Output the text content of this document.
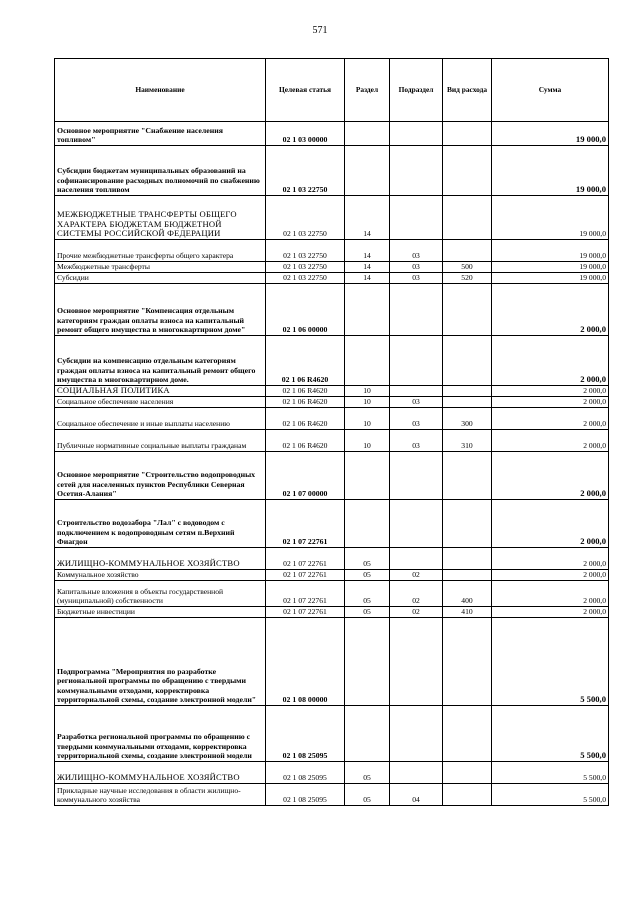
571
Наименование	Целевая статья	Раздел	Подраздел	Вид расхода	Сумма
Основное мероприятие "Снабжение населения топливом"	02 1 03 00000				19 000,0
Субсидии бюджетам муниципальных образований на софинансирование расходных полномочий по снабжению населения топливом	02 1 03 22750				19 000,0
МЕЖБЮДЖЕТНЫЕ ТРАНСФЕРТЫ ОБЩЕГО ХАРАКТЕРА БЮДЖЕТАМ БЮДЖЕТНОЙ СИСТЕМЫ РОССИЙСКОЙ ФЕДЕРАЦИИ	02 1 03 22750	14			19 000,0
Прочие межбюджетные трансферты общего характера	02 1 03 22750	14	03		19 000,0
Межбюджетные трансферты	02 1 03 22750	14	03	500	19 000,0
Субсидии	02 1 03 22750	14	03	520	19 000,0
Основное мероприятие "Компенсация отдельным категориям граждан оплаты взноса на капитальный ремонт общего имущества в многоквартирном доме"	02 1 06 00000				2 000,0
Субсидии на компенсацию отдельным категориям граждан оплаты взноса на капитальный ремонт общего имущества в многоквартирном доме.	02 1 06 R4620				2 000,0
СОЦИАЛЬНАЯ ПОЛИТИКА	02 1 06 R4620	10			2 000,0
Социальное обеспечение населения	02 1 06 R4620	10	03		2 000,0
Социальное обеспечение и иные выплаты населению	02 1 06 R4620	10	03	300	2 000,0
Публичные нормативные социальные выплаты гражданам	02 1 06 R4620	10	03	310	2 000,0
Основное мероприятие "Строительство водопроводных сетей для населенных пунктов Республики Северная Осетия-Алания"	02 1 07 00000				2 000,0
Строительство водозабора "Лал" с водоводом с подключением к водопроводным сетям п.Верхний Фиагдон	02 1 07 22761				2 000,0
ЖИЛИЩНО-КОММУНАЛЬНОЕ ХОЗЯЙСТВО	02 1 07 22761	05			2 000,0
Коммунальное хозяйство	02 1 07 22761	05	02		2 000,0
Капитальные вложения в объекты государственной (муниципальной) собственности	02 1 07 22761	05	02	400	2 000,0
Бюджетные инвестиции	02 1 07 22761	05	02	410	2 000,0
Подпрограмма "Мероприятия по разработке региональной программы по обращению с твердыми коммунальными отходами, корректировка территориальной схемы, создание электронной модели"	02 1 08 00000				5 500,0
Разработка региональной программы по обращению с твердыми коммунальными отходами, корректировка территориальной схемы, создание электронной модели	02 1 08 25095				5 500,0
ЖИЛИЩНО-КОММУНАЛЬНОЕ ХОЗЯЙСТВО	02 1 08 25095	05			5 500,0
Прикладные научные исследования в области жилищно-коммунального хозяйства	02 1 08 25095	05	04		5 500,0
